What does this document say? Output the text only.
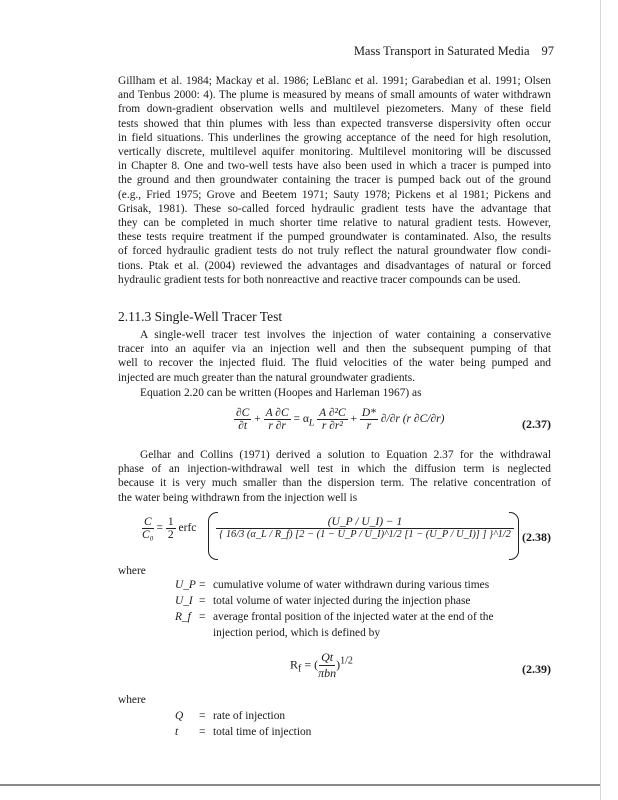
Mass Transport in Saturated Media 97
Gillham et al. 1984; Mackay et al. 1986; LeBlanc et al. 1991; Garabedian et al. 1991; Olsen
and Tenbus 2000: 4). The plume is measured by means of small amounts of water withdrawn
from down-gradient observation wells and multilevel piezometers. Many of these field
tests showed that thin plumes with less than expected transverse dispersivity often occur
in field situations. This underlines the growing acceptance of the need for high resolution,
vertically discrete, multilevel aquifer monitoring. Multilevel monitoring will be discussed
in Chapter 8. One and two-well tests have also been used in which a tracer is pumped into
the ground and then groundwater containing the tracer is pumped back out of the ground
(e.g., Fried 1975; Grove and Beetem 1971; Sauty 1978; Pickens et al 1981; Pickens and
Grisak, 1981). These so-called forced hydraulic gradient tests have the advantage that
they can be completed in much shorter time relative to natural gradient tests. However,
these tests require treatment if the pumped groundwater is contaminated. Also, the results
of forced hydraulic gradient tests do not truly reflect the natural groundwater flow condi-
tions. Ptak et al. (2004) reviewed the advantages and disadvantages of natural or forced
hydraulic gradient tests for both nonreactive and reactive tracer compounds can be used.
2.11.3 Single-Well Tracer Test
A single-well tracer test involves the injection of water containing a conservative
tracer into an aquifer via an injection well and then the subsequent pumping of that
well to recover the injected fluid. The fluid velocities of the water being pumped and
injected are much greater than the natural groundwater gradients.
Equation 2.20 can be written (Hoopes and Harleman 1967) as
$\frac{\partial C}{\partial t} + \frac{A \partial C}{r \partial r} = \alpha_L \frac{\text{A ∂²C}}{\text{r ∂r²}} + \frac{D*}{r} \partial/\partial r$ (r ∂C/∂r)	(2.37)
Gelhar and Collins (1971) derived a solution to Equation 2.37 for the withdrawal
phase of an injection-withdrawal well test in which the diffusion term is neglected
because it is very much smaller than the dispersion term. The relative concentration of
the water being withdrawn from the injection well is
$\frac{C}{\text{C₀}} = \frac{1}{2}$ erfc
(U_P / U_I) − 1
{ 16/3 (α_L / R_f) [2 − (1 − U_P / U_I)^1/2 [1 − (U_P / U_I)] ] }^1/2 (2.38)
where
U_P = cumulative volume of water withdrawn during various times
U_I = total volume of water injected during the injection phase
R_f = average frontal position of the injected water at the end of the
injection period, which is defined by
$R_f$ = ( $\frac{Qt}{\text{πbn}} )^{1/2}$
(2.39)
where
Q	= rate of injection
t	= total time of injection
